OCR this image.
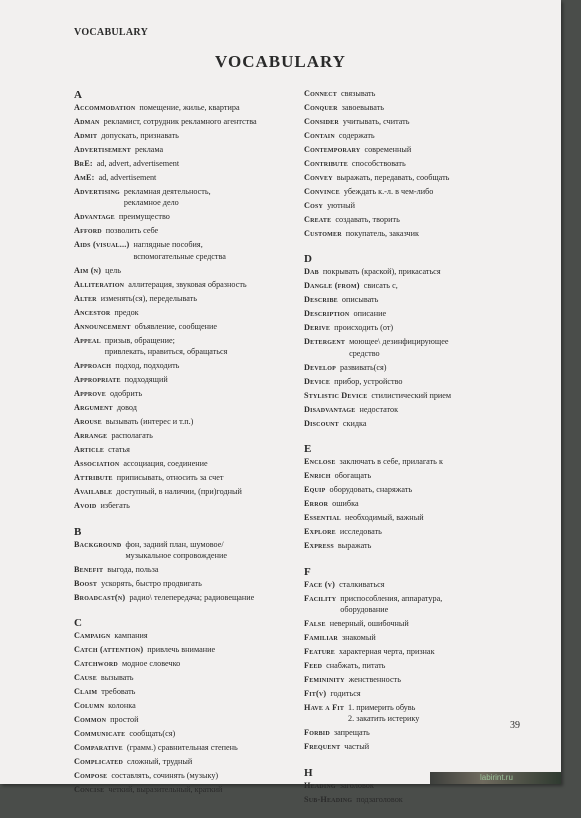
VOCABULARY
VOCABULARY
A
Accommodation помещение, жилье, квартира
Adman рекламист, сотрудник рекламного агентства
Admit допускать, признавать
Advertisement реклама
BrE: ad, advert, advertisement
AmE: ad, advertisement
Advertising рекламная деятельность,
рекламное дело
Advantage преимущество
Afford позволить себе
Aids (visual...) наглядные пособия,
вспомогательные средства
Aim (n) цель
Alliteration аллитерация, звуковая образность
Alter изменять(ся), переделывать
Ancestor предок
Announcement объявление, сообщение
Appeal призыв, обращение;
привлекать, нравиться, обращаться
Approach подход, подходить
Appropriate подходящий
Approve одобрить
Argument довод
Arouse вызывать (интерес и т.п.)
Arrange располагать
Article статья
Association ассоциация, соединение
Attribute приписывать, относить за счет
Available доступный, в наличии, (при)годный
Avoid избегать
B
Background фон, задний план, шумовое/
музыкальное сопровождение
Benefit выгода, польза
Boost ускорять, быстро продвигать
Broadcast(n) радио\ телепередача; радиовещание
C
Campaign кампания
Catch (attention) привлечь внимание
Catchword модное словечко
Cause вызывать
Claim требовать
Column колонка
Common простой
Communicate сообщать(ся)
Comparative (грамм.) сравнительная степень
Complicated сложный, трудный
Compose составлять, сочинять (музыку)
Concise четкий, выразительный, краткий
Connect связывать
Conquer завоевывать
Consider учитывать, считать
Contain содержать
Contemporary современный
Contribute способствовать
Convey выражать, передавать, сообщать
Convince убеждать к.-л. в чем-либо
Cosy уютный
Create создавать, творить
Customer покупатель, заказчик
D
Dab покрывать (краской), прикасаться
Dangle (from) свисать с,
Describe описывать
Description описание
Derive происходить (от)
Detergent моющее\ дезинфицирующее
средство
Develop развивать(ся)
Device прибор, устройство
Stylistic Device стилистический прием
Disadvantage недостаток
Discount скидка
E
Enclose заключать в себе, прилагать к
Enrich обогащать
Equip оборудовать, снаряжать
Error ошибка
Essential необходимый, важный
Explore исследовать
Express выражать
F
Face (v) сталкиваться
Facility приспособления, аппаратура,
оборудование
False неверный, ошибочный
Familiar знакомый
Feature характерная черта, признак
Feed снабжать, питать
Femininity женственность
Fit(v) годиться
Have a Fit 1. примерить обувь
2. закатить истерику
Forbid запрещать
Frequent частый
H
Heading заголовок
Sub-Heading подзаголовок
39
labirint.ru
